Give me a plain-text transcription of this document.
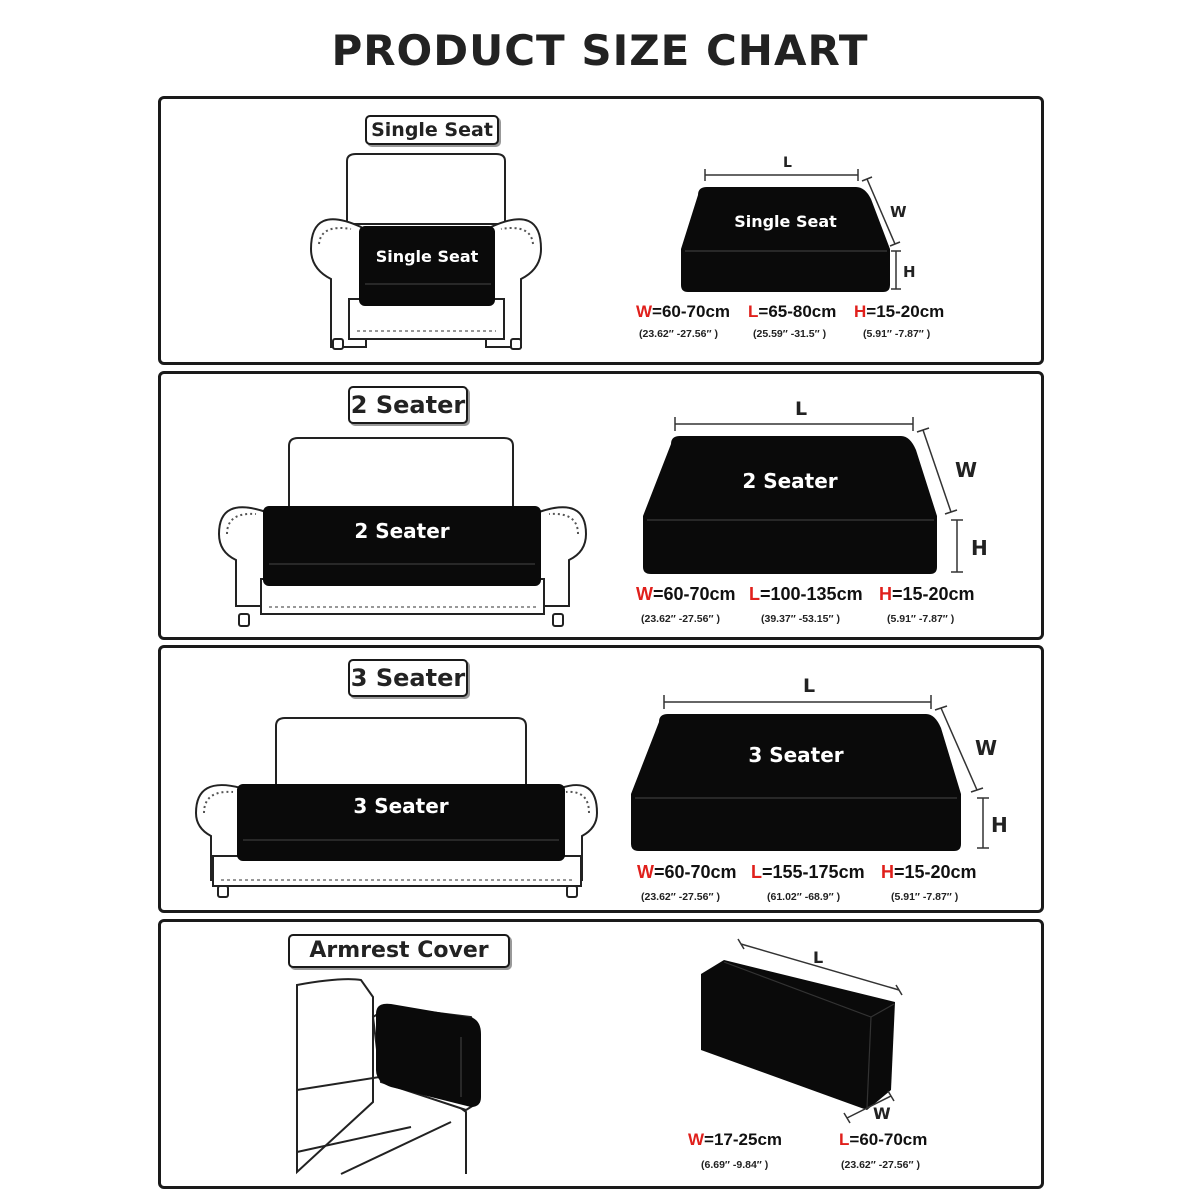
PRODUCT SIZE CHART
Single Seat
Single Seat
Single Seat
L
W
H
W=60-70cm L=65-80cm H=15-20cm
(23.62″ -27.56″ )	(25.59″ -31.5″ )	(5.91″ -7.87″ )
2 Seater
2 Seater
2 Seater
L
W
H
W=60-70cm L=100-135cm H=15-20cm
(23.62″ -27.56″ )	(39.37″ -53.15″ )	(5.91″ -7.87″ )
3 Seater
3 Seater
3 Seater
L
W
H
W=60-70cm L=155-175cm H=15-20cm
(23.62″ -27.56″ )	(61.02″ -68.9″ )	(5.91″ -7.87″ )
Armrest Cover	L
W
W=17-25cm	L=60-70cm
(6.69″ -9.84″ )	(23.62″ -27.56″ )
